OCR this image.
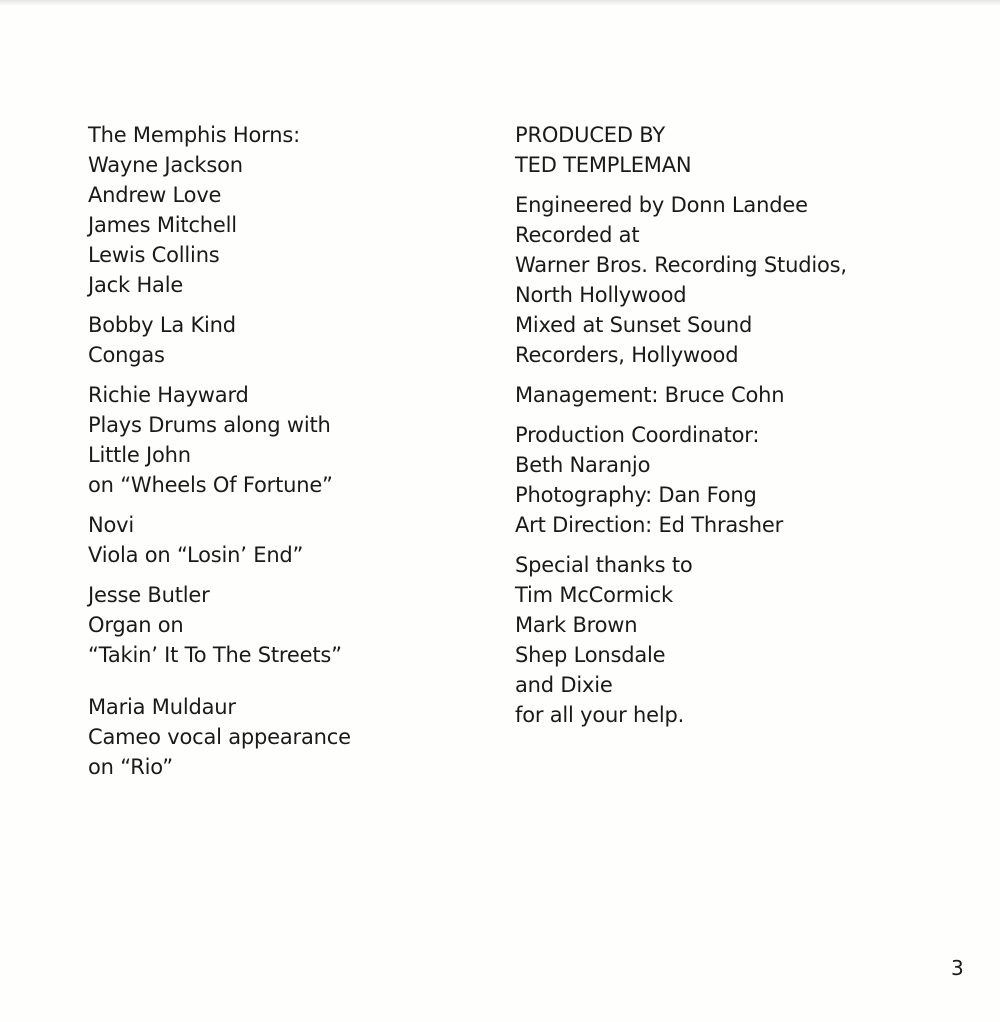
The Memphis Horns:
Wayne Jackson
Andrew Love
James Mitchell
Lewis Collins
Jack Hale
Bobby La Kind
Congas
Richie Hayward
Plays Drums along with
Little John
on “Wheels Of Fortune”
Novi
Viola on “Losin’ End”
Jesse Butler
Organ on
“Takin’ It To The Streets”
Maria Muldaur
Cameo vocal appearance
on “Rio”
PRODUCED BY
TED TEMPLEMAN
Engineered by Donn Landee
Recorded at
Warner Bros. Recording Studios,
North Hollywood
Mixed at Sunset Sound
Recorders, Hollywood
Management: Bruce Cohn
Production Coordinator:
Beth Naranjo
Photography: Dan Fong
Art Direction: Ed Thrasher
Special thanks to
Tim McCormick
Mark Brown
Shep Lonsdale
and Dixie
for all your help.
3
